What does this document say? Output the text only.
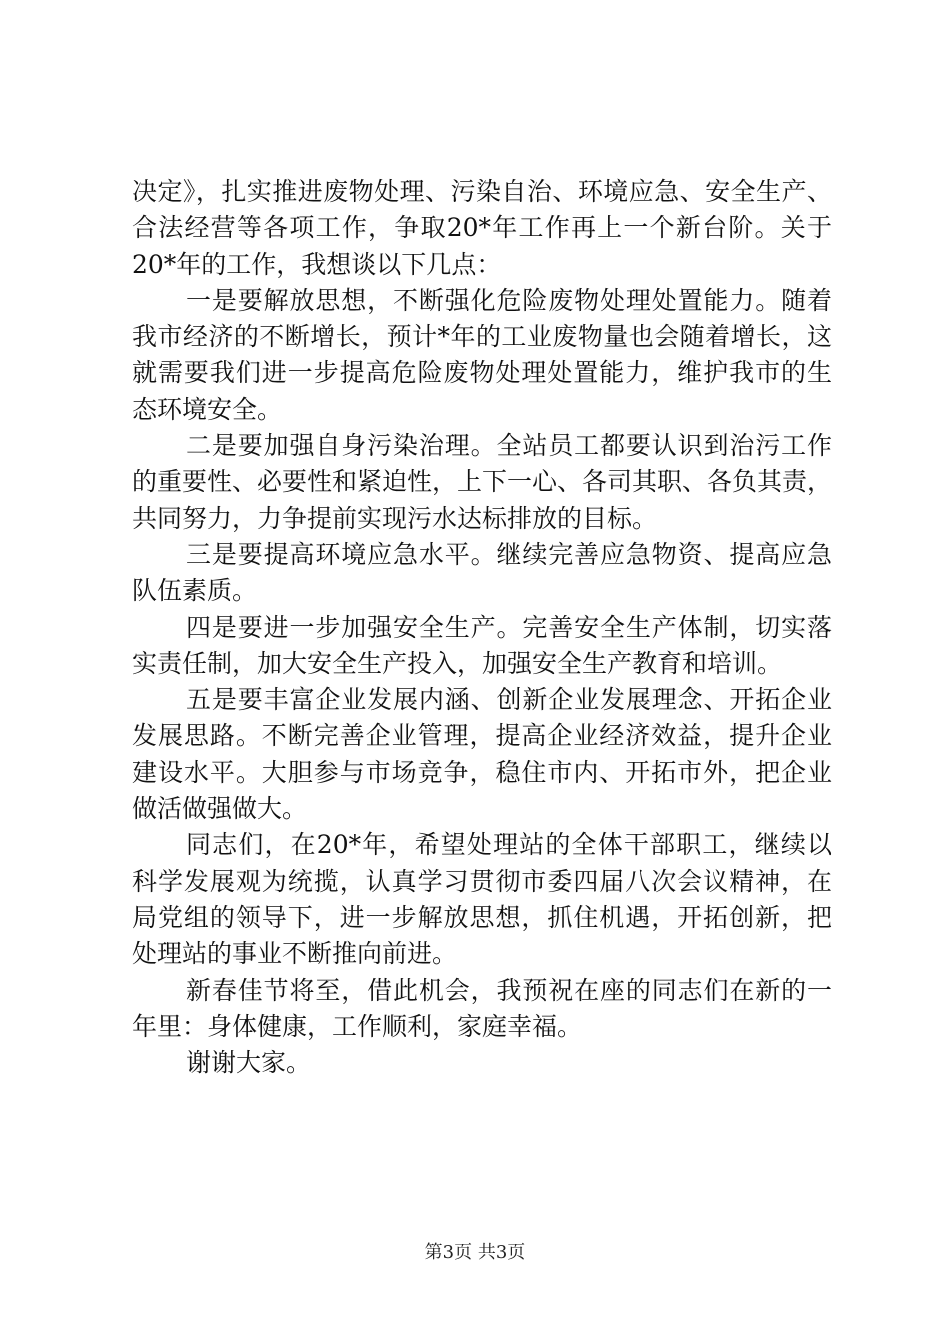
决定》，扎实推进废物处理、污染自治、环境应急、安全生产、
合法经营等各项工作，争取20*年工作再上一个新台阶。关于
20*年的工作，我想谈以下几点：
一是要解放思想，不断强化危险废物处理处置能力。随着
我市经济的不断增长，预计*年的工业废物量也会随着增长，这
就需要我们进一步提高危险废物处理处置能力，维护我市的生
态环境安全。
二是要加强自身污染治理。全站员工都要认识到治污工作
的重要性、必要性和紧迫性，上下一心、各司其职、各负其责，
共同努力，力争提前实现污水达标排放的目标。
三是要提高环境应急水平。继续完善应急物资、提高应急
队伍素质。
四是要进一步加强安全生产。完善安全生产体制，切实落
实责任制，加大安全生产投入，加强安全生产教育和培训。
五是要丰富企业发展内涵、创新企业发展理念、开拓企业
发展思路。不断完善企业管理，提高企业经济效益，提升企业
建设水平。大胆参与市场竞争，稳住市内、开拓市外，把企业
做活做强做大。
同志们，在20*年，希望处理站的全体干部职工，继续以
科学发展观为统揽，认真学习贯彻市委四届八次会议精神，在
局党组的领导下，进一步解放思想，抓住机遇，开拓创新，把
处理站的事业不断推向前进。
新春佳节将至，借此机会，我预祝在座的同志们在新的一
年里：身体健康，工作顺利，家庭幸福。
谢谢大家。
第3页 共3页
